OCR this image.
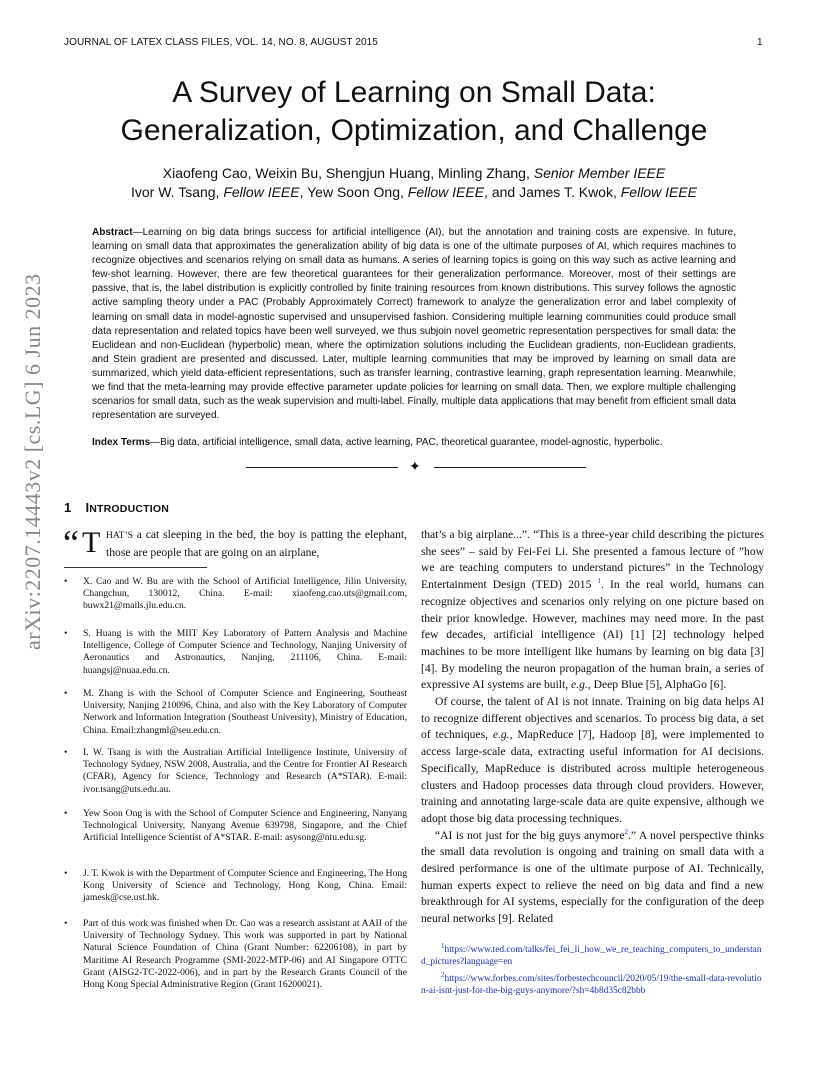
JOURNAL OF LATEX CLASS FILES, VOL. 14, NO. 8, AUGUST 2015	1
A Survey of Learning on Small Data:
Generalization, Optimization, and Challenge
Xiaofeng Cao, Weixin Bu, Shengjun Huang, Minling Zhang, Senior Member IEEE
Ivor W. Tsang, Fellow IEEE, Yew Soon Ong, Fellow IEEE, and James T. Kwok, Fellow IEEE
arXiv:2207.14443v2 [cs.LG] 6 Jun 2023
Abstract—Learning on big data brings success for artificial intelligence (AI), but the annotation and training costs are expensive. In future, learning on small data that approximates the generalization ability of big data is one of the ultimate purposes of AI, which requires machines to recognize objectives and scenarios relying on small data as humans. A series of learning topics is going on this way such as active learning and few-shot learning. However, there are few theoretical guarantees for their generalization performance. Moreover, most of their settings are passive, that is, the label distribution is explicitly controlled by finite training resources from known distributions. This survey follows the agnostic active sampling theory under a PAC (Probably Approximately Correct) framework to analyze the generalization error and label complexity of learning on small data in model-agnostic supervised and unsupervised fashion. Considering multiple learning communities could produce small data representation and related topics have been well surveyed, we thus subjoin novel geometric representation perspectives for small data: the Euclidean and non-Euclidean (hyperbolic) mean, where the optimization solutions including the Euclidean gradients, non-Euclidean gradients, and Stein gradient are presented and discussed. Later, multiple learning communities that may be improved by learning on small data are summarized, which yield data-efficient representations, such as transfer learning, contrastive learning, graph representation learning. Meanwhile, we find that the meta-learning may provide effective parameter update policies for learning on small data. Then, we explore multiple challenging scenarios for small data, such as the weak supervision and multi-label. Finally, multiple data applications that may benefit from efficient small data representation are surveyed.
Index Terms—Big data, artificial intelligence, small data, active learning, PAC, theoretical guarantee, model-agnostic, hyperbolic.
✦
1 INTRODUCTION
“ T HAT’S a cat sleeping in the bed, the boy is patting the elephant, those are people that are going on an airplane,
•	X. Cao and W. Bu are with the School of Artificial Intelligence, Jilin University, Changchun, 130012, China. E-mail: xiaofeng.cao.uts@gmail.com, buwx21@mails.jlu.edu.cn.
•	S. Huang is with the MIIT Key Laboratory of Pattern Analysis and Machine Intelligence, College of Computer Science and Technology, Nanjing University of Aeronautics and Astronautics, Nanjing, 211106, China. E-mail: huangsj@nuaa.edu.cn.
•	M. Zhang is with the School of Computer Science and Engineering, Southeast University, Nanjing 210096, China, and also with the Key Laboratory of Computer Network and Information Integration (Southeast University), Ministry of Education, China. Email:zhangml@seu.edu.cn.
•	I. W. Tsang is with the Australian Artificial Intelligence Institute, University of Technology Sydney, NSW 2008, Australia, and the Centre for Frontier AI Research (CFAR), Agency for Science, Technology and Research (A*STAR). E-mail: ivor.tsang@uts.edu.au.
•	Yew Soon Ong is with the School of Computer Science and Engineering, Nanyang Technological University, Nanyang Avenue 639798, Singapore, and the Chief Artificial Intelligence Scientist of A*STAR. E-mail: asysong@ntu.edu.sg.
•	J. T. Kwok is with the Department of Computer Science and Engineering, The Hong Kong University of Science and Technology, Hong Kong, China. Email: jamesk@cse.ust.hk.
•	Part of this work was finished when Dr. Cao was a research assistant at AAII of the University of Technology Sydney. This work was supported in part by National Natural Science Foundation of China (Grant Number: 62206108), in part by Maritime AI Research Programme (SMI-2022-MTP-06) and AI Singapore OTTC Grant (AISG2-TC-2022-006), and in part by the Research Grants Council of the Hong Kong Special Administrative Region (Grant 16200021).

that’s a big airplane...”. “This is a three-year child describing the pictures she sees” – said by Fei-Fei Li. She presented a famous lecture of ”how we are teaching computers to understand pictures” in the Technology Entertainment Design (TED) 2015 $^1$. In the real world, humans can recognize objectives and scenarios only relying on one picture based on their prior knowledge. However, machines may need more. In the past few decades, artificial intelligence (AI) [1] [2] technology helped machines to be more intelligent like humans by learning on big data [3] [4]. By modeling the neuron propagation of the human brain, a series of expressive AI systems are built, e.g., Deep Blue [5], AlphaGo [6].

Of course, the talent of AI is not innate. Training on big data helps Al to recognize different objectives and scenarios. To process big data, a set of techniques, e.g., MapReduce [7], Hadoop [8], were implemented to access large-scale data, extracting useful information for AI decisions. Specifically, MapReduce is distributed across multiple heterogeneous clusters and Hadoop processes data through cloud providers. However, training and annotating large-scale data are quite expensive, although we adopt those big data processing techniques.

“AI is not just for the big guys anymore$^2$.” A novel perspective thinks the small data revolution is ongoing and training on small data with a desired performance is one of the ultimate purpose of AI. Technically, human experts expect to relieve the need on big data and find a new breakthrough for AI systems, especially for the configuration of the deep neural networks [9]. Related

$^1$https://www.ted.com/talks/fei_fei_li_how_we_re_teaching_computers_to_understand_pictures?language=en
$^2$https://www.forbes.com/sites/forbestechcouncil/2020/05/19/the-small-data-revolution-ai-isnt-just-for-the-big-guys-anymore/?sh=4b8d35c82bbb
